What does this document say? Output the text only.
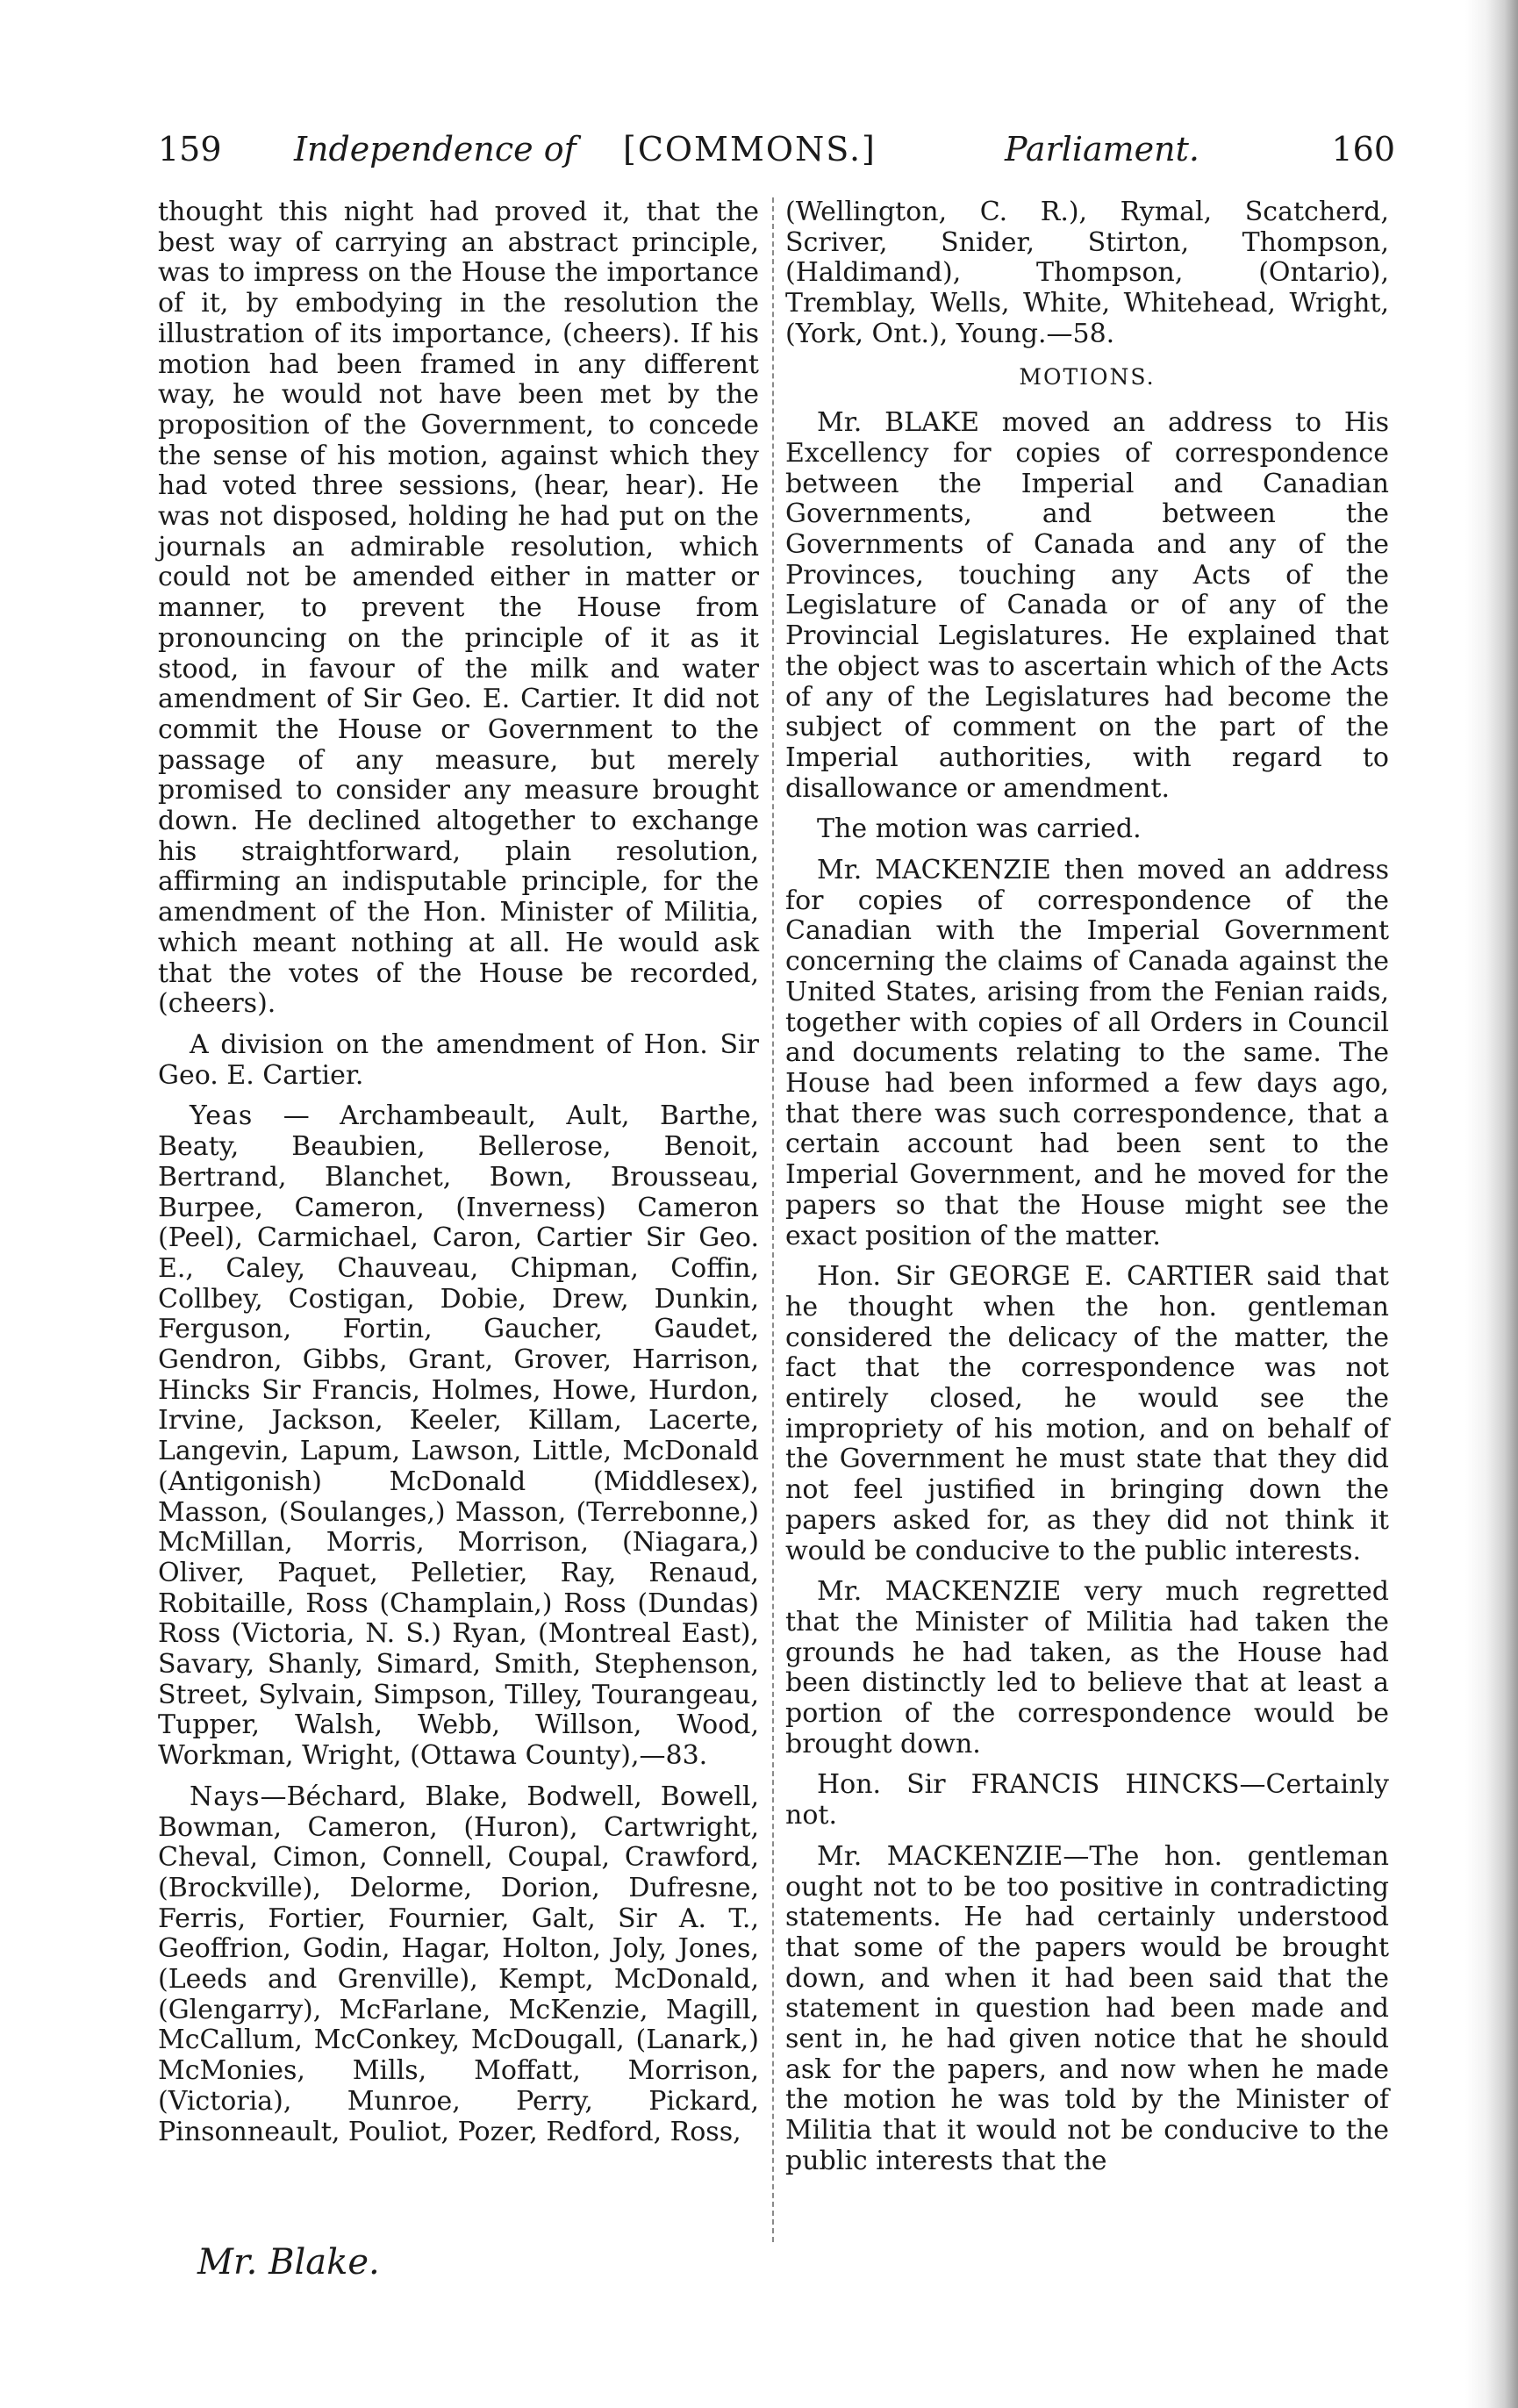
159 Independence of [COMMONS.]	Parliament.	160

thought this night had proved it, that the best way of carrying an abstract principle, was to impress on the House the importance of it, by embodying in the resolution the illustration of its importance, (cheers). If his motion had been framed in any different way, he would not have been met by the proposition of the Government, to concede the sense of his motion, against which they had voted three sessions, (hear, hear). He was not disposed, holding he had put on the journals an admirable resolution, which could not be amended either in matter or manner, to prevent the House from pronouncing on the principle of it as it stood, in favour of the milk and water amendment of Sir Geo. E. Cartier. It did not commit the House or Government to the passage of any measure, but merely promised to consider any measure brought down. He declined altogether to exchange his straightforward, plain resolution, affirming an indisputable principle, for the amendment of the Hon. Minister of Militia, which meant nothing at all. He would ask that the votes of the House be recorded, (cheers).

A division on the amendment of Hon. Sir Geo. E. Cartier.

Yeas — Archambeault, Ault, Barthe, Beaty, Beaubien, Bellerose, Benoit, Bertrand, Blanchet, Bown, Brousseau, Burpee, Cameron, (Inverness) Cameron (Peel), Carmichael, Caron, Cartier Sir Geo. E., Caley, Chauveau, Chipman, Coffin, Collbey, Costigan, Dobie, Drew, Dunkin, Ferguson, Fortin, Gaucher, Gaudet, Gendron, Gibbs, Grant, Grover, Harrison, Hincks Sir Francis, Holmes, Howe, Hurdon, Irvine, Jackson, Keeler, Killam, Lacerte, Langevin, Lapum, Lawson, Little, McDonald (Antigonish) McDonald (Middlesex), Masson, (Soulanges,) Masson, (Terrebonne,) McMillan, Morris, Morrison, (Niagara,) Oliver, Paquet, Pelletier, Ray, Renaud, Robitaille, Ross (Champlain,) Ross (Dundas) Ross (Victoria, N. S.) Ryan, (Montreal East), Savary, Shanly, Simard, Smith, Stephenson, Street, Sylvain, Simpson, Tilley, Tourangeau, Tupper, Walsh, Webb, Willson, Wood, Workman, Wright, (Ottawa County),—83.

Nays—Béchard, Blake, Bodwell, Bowell, Bowman, Cameron, (Huron), Cartwright, Cheval, Cimon, Connell, Coupal, Crawford, (Brockville), Delorme, Dorion, Dufresne, Ferris, Fortier, Fournier, Galt, Sir A. T., Geoffrion, Godin, Hagar, Holton, Joly, Jones, (Leeds and Grenville), Kempt, McDonald, (Glengarry), McFarlane, McKenzie, Magill, McCallum, McConkey, McDougall, (Lanark,) McMonies, Mills, Moffatt, Morrison, (Victoria), Munroe, Perry, Pickard, Pinsonneault, Pouliot, Pozer, Redford, Ross,

(Wellington, C. R.), Rymal, Scatcherd, Scriver, Snider, Stirton, Thompson, (Haldimand), Thompson, (Ontario), Tremblay, Wells, White, Whitehead, Wright, (York, Ont.), Young.—58.

MOTIONS.

Mr. BLAKE moved an address to His Excellency for copies of correspondence between the Imperial and Canadian Governments, and between the Governments of Canada and any of the Provinces, touching any Acts of the Legislature of Canada or of any of the Provincial Legislatures. He explained that the object was to ascertain which of the Acts of any of the Legislatures had become the subject of comment on the part of the Imperial authorities, with regard to disallowance or amendment.

The motion was carried.

Mr. MACKENZIE then moved an address for copies of correspondence of the Canadian with the Imperial Government concerning the claims of Canada against the United States, arising from the Fenian raids, together with copies of all Orders in Council and documents relating to the same. The House had been informed a few days ago, that there was such correspondence, that a certain account had been sent to the Imperial Government, and he moved for the papers so that the House might see the exact position of the matter.

Hon. Sir GEORGE E. CARTIER said that he thought when the hon. gentleman considered the delicacy of the matter, the fact that the correspondence was not entirely closed, he would see the impropriety of his motion, and on behalf of the Government he must state that they did not feel justified in bringing down the papers asked for, as they did not think it would be conducive to the public interests.

Mr. MACKENZIE very much regretted that the Minister of Militia had taken the grounds he had taken, as the House had been distinctly led to believe that at least a portion of the correspondence would be brought down.

Hon. Sir FRANCIS HINCKS—Certainly not.

Mr. MACKENZIE—The hon. gentleman ought not to be too positive in contradicting statements. He had certainly understood that some of the papers would be brought down, and when it had been said that the statement in question had been made and sent in, he had given notice that he should ask for the papers, and now when he made the motion he was told by the Minister of Militia that it would not be conducive to the public interests that the

Mr. Blake.
